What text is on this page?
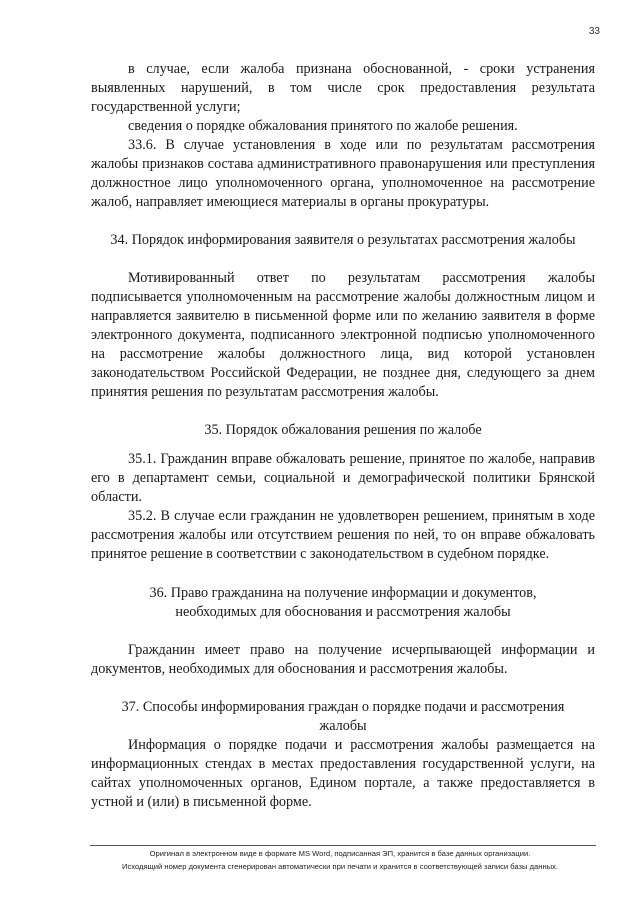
33

в случае, если жалоба признана обоснованной, - сроки устранения выявленных нарушений, в том числе срок предоставления результата государственной услуги;

сведения о порядке обжалования принятого по жалобе решения.

33.6. В случае установления в ходе или по результатам рассмотрения жалобы признаков состава административного правонарушения или преступления должностное лицо уполномоченного органа, уполномоченное на рассмотрение жалоб, направляет имеющиеся материалы в органы прокуратуры.

34. Порядок информирования заявителя о результатах рассмотрения жалобы

Мотивированный ответ по результатам рассмотрения жалобы подписывается уполномоченным на рассмотрение жалобы должностным лицом и направляется заявителю в письменной форме или по желанию заявителя в форме электронного документа, подписанного электронной подписью уполномоченного на рассмотрение жалобы должностного лица, вид которой установлен законодательством Российской Федерации, не позднее дня, следующего за днем принятия решения по результатам рассмотрения жалобы.

35. Порядок обжалования решения по жалобе

35.1. Гражданин вправе обжаловать решение, принятое по жалобе, направив его в департамент семьи, социальной и демографической политики Брянской области.

35.2. В случае если гражданин не удовлетворен решением, принятым в ходе рассмотрения жалобы или отсутствием решения по ней, то он вправе обжаловать принятое решение в соответствии с законодательством в судебном порядке.

36. Право гражданина на получение информации и документов,

необходимых для обоснования и рассмотрения жалобы

Гражданин имеет право на получение исчерпывающей информации и документов, необходимых для обоснования и рассмотрения жалобы.

37. Способы информирования граждан о порядке подачи и рассмотрения

жалобы

Информация о порядке подачи и рассмотрения жалобы размещается на информационных стендах в местах предоставления государственной услуги, на сайтах уполномоченных органов, Едином портале, а также предоставляется в устной и (или) в письменной форме.

Оригинал в электронном виде в формате MS Word, подписанная ЭП, хранится в базе данных организации.
Исходящий номер документа сгенерирован автоматически при печати и хранится в соответствующей записи базы данных.
